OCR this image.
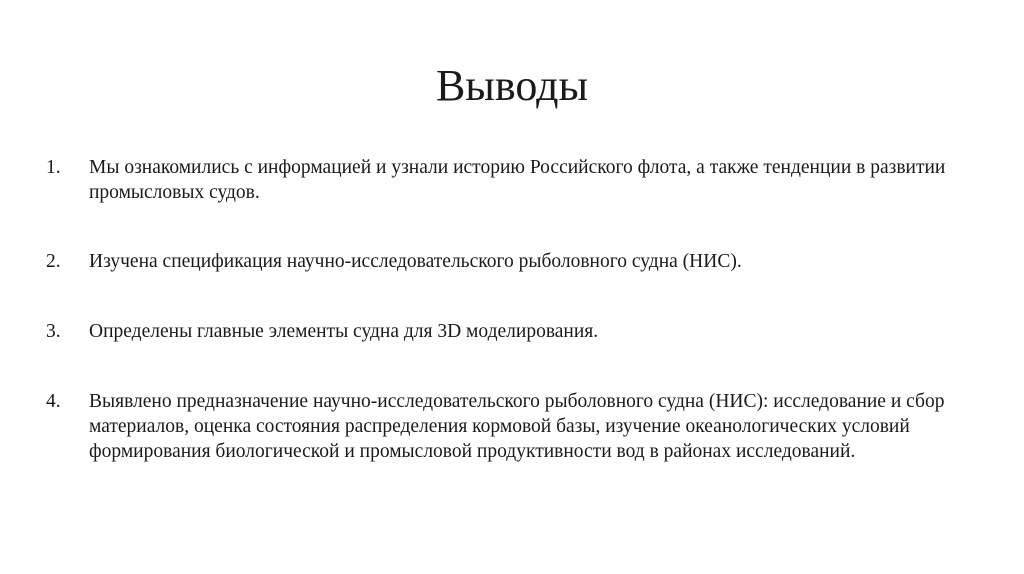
Выводы
1.	Мы ознакомились с информацией и узнали историю Российского флота, а также тенденции в развитии промысловых судов.
2.	Изучена спецификация научно-исследовательского рыболовного судна (НИС).
3.	Определены главные элементы судна для 3D моделирования.
4.	Выявлено предназначение научно-исследовательского рыболовного судна (НИС): исследование и сбор материалов, оценка состояния распределения кормовой базы, изучение океанологических условий формирования биологической и промысловой продуктивности вод в районах исследований.
